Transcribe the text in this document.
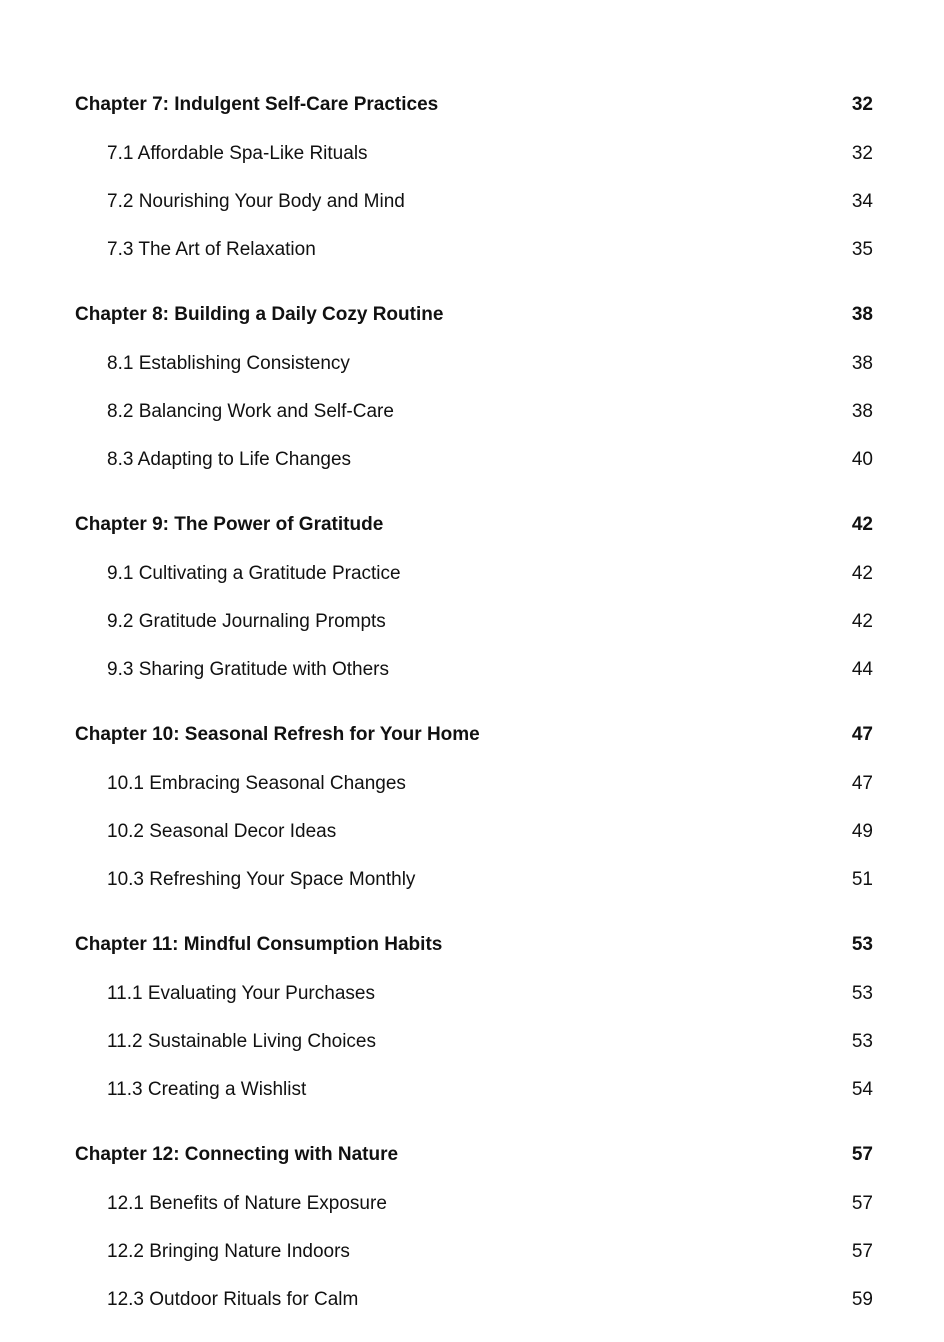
Chapter 7: Indulgent Self-Care Practices	32
7.1 Affordable Spa-Like Rituals	32
7.2 Nourishing Your Body and Mind	34
7.3 The Art of Relaxation	35
Chapter 8: Building a Daily Cozy Routine	38
8.1 Establishing Consistency	38
8.2 Balancing Work and Self-Care	38
8.3 Adapting to Life Changes	40
Chapter 9: The Power of Gratitude	42
9.1 Cultivating a Gratitude Practice	42
9.2 Gratitude Journaling Prompts	42
9.3 Sharing Gratitude with Others	44
Chapter 10: Seasonal Refresh for Your Home	47
10.1 Embracing Seasonal Changes	47
10.2 Seasonal Decor Ideas	49
10.3 Refreshing Your Space Monthly	51
Chapter 11: Mindful Consumption Habits	53
11.1 Evaluating Your Purchases	53
11.2 Sustainable Living Choices	53
11.3 Creating a Wishlist	54
Chapter 12: Connecting with Nature	57
12.1 Benefits of Nature Exposure	57
12.2 Bringing Nature Indoors	57
12.3 Outdoor Rituals for Calm	59
